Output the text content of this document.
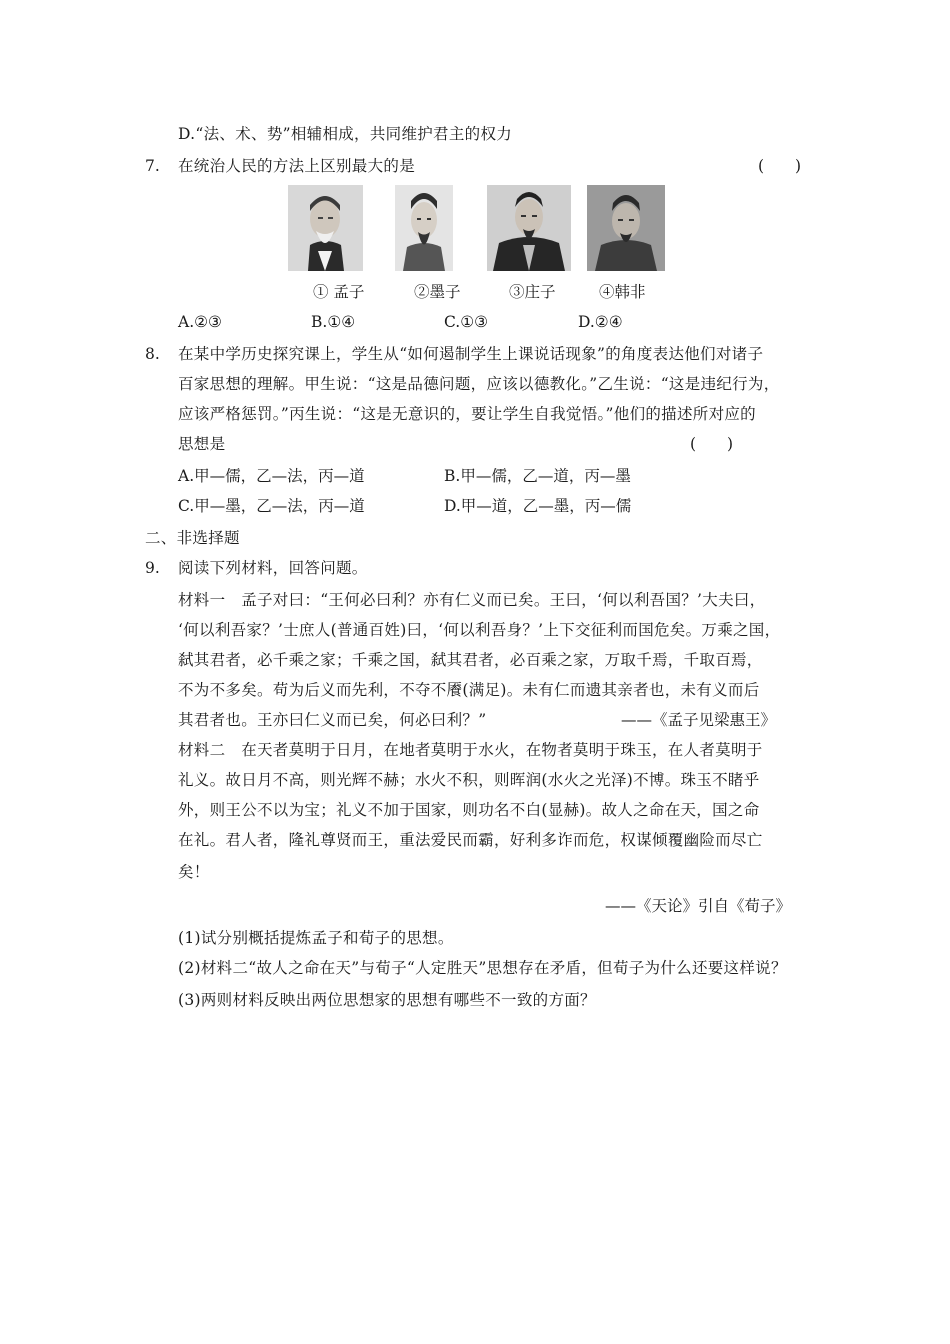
D.“法、术、势”相辅相成，共同维护君主的权力
7. 在统治人民的方法上区别最大的是	(　　)
① 孟子	②墨子	③庄子	④韩非
A.②③	B.①④	C.①③	D.②④
8. 在某中学历史探究课上，学生从“如何遏制学生上课说话现象”的角度表达他们对诸子
百家思想的理解。甲生说：“这是品德问题，应该以德教化。”乙生说：“这是违纪行为，
应该严格惩罚。”丙生说：“这是无意识的，要让学生自我觉悟。”他们的描述所对应的
思想是	(　　)
A.甲—儒，乙—法，丙—道	B.甲—儒，乙—道，丙—墨
C.甲—墨，乙—法，丙—道	D.甲—道，乙—墨，丙—儒
二、非选择题
9. 阅读下列材料，回答问题。
材料一　孟子对曰：“王何必曰利？亦有仁义而已矣。王曰，‘何以利吾国？’大夫曰，
‘何以利吾家？’士庶人(普通百姓)曰，‘何以利吾身？’上下交征利而国危矣。万乘之国，
弑其君者，必千乘之家；千乘之国，弑其君者，必百乘之家，万取千焉，千取百焉，
不为不多矣。苟为后义而先利，不夺不餍(满足)。未有仁而遗其亲者也，未有义而后
其君者也。王亦曰仁义而已矣，何必曰利？”	——《孟子见梁惠王》
材料二　在天者莫明于日月，在地者莫明于水火，在物者莫明于珠玉，在人者莫明于
礼义。故日月不高，则光辉不赫；水火不积，则晖润(水火之光泽)不博。珠玉不睹乎
外，则王公不以为宝；礼义不加于国家，则功名不白(显赫)。故人之命在天，国之命
在礼。君人者，隆礼尊贤而王，重法爱民而霸，好利多诈而危，权谋倾覆幽险而尽亡
矣！
——《天论》引自《荀子》
(1)试分别概括提炼孟子和荀子的思想。
(2)材料二“故人之命在天”与荀子“人定胜天”思想存在矛盾，但荀子为什么还要这样说？
(3)两则材料反映出两位思想家的思想有哪些不一致的方面？
